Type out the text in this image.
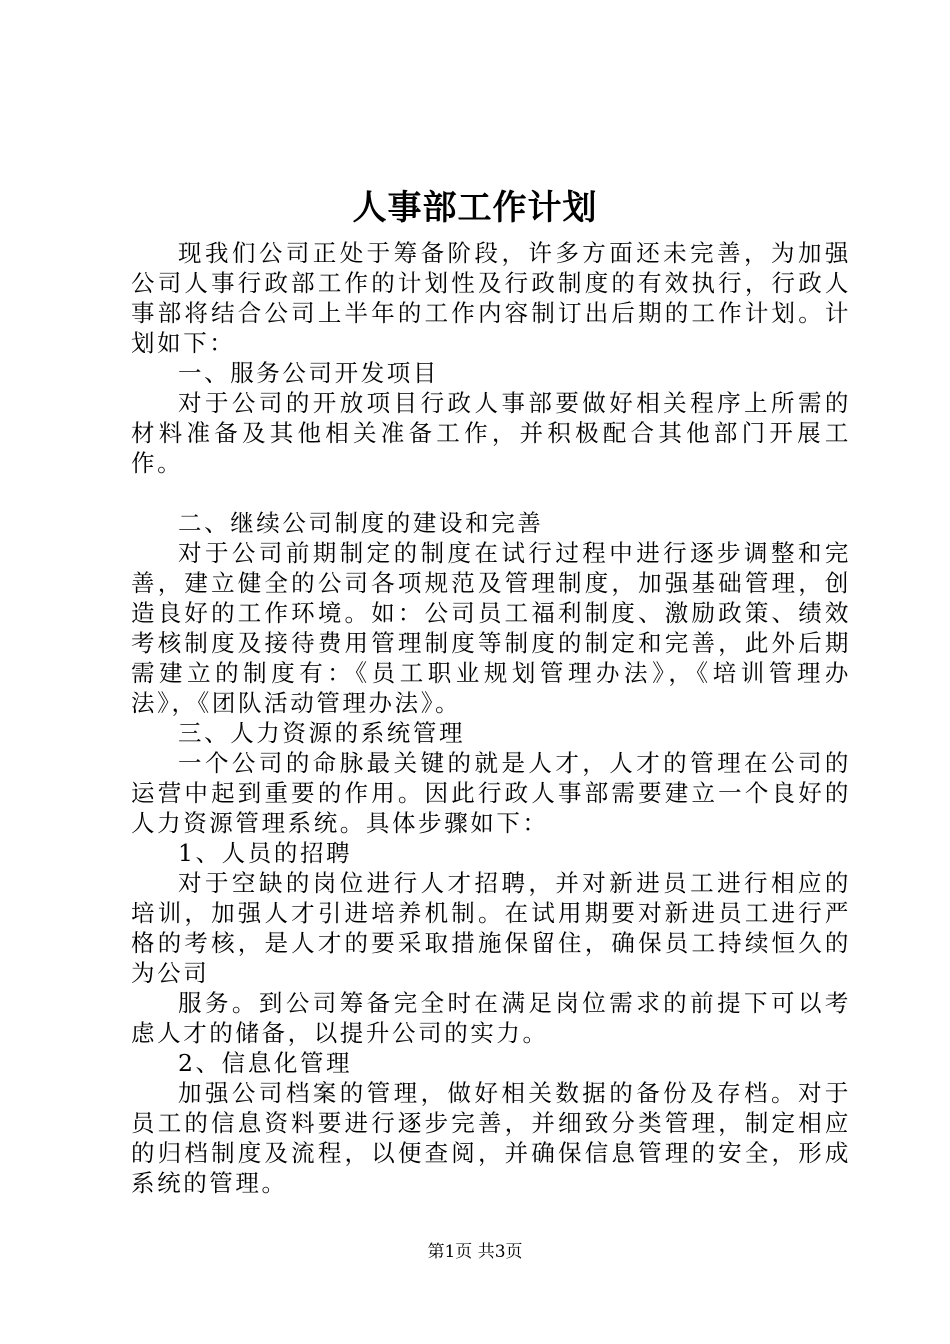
人事部工作计划

现我们公司正处于筹备阶段，许多方面还未完善，为加强公司人事行政部工作的计划性及行政制度的有效执行，行政人事部将结合公司上半年的工作内容制订出后期的工作计划。计划如下：

一、服务公司开发项目

对于公司的开放项目行政人事部要做好相关程序上所需的材料准备及其他相关准备工作，并积极配合其他部门开展工作。

二、继续公司制度的建设和完善

对于公司前期制定的制度在试行过程中进行逐步调整和完善，建立健全的公司各项规范及管理制度，加强基础管理，创造良好的工作环境。如：公司员工福利制度、激励政策、绩效考核制度及接待费用管理制度等制度的制定和完善，此外后期需建立的制度有：《员工职业规划管理办法》，《培训管理办法》，《团队活动管理办法》。

三、人力资源的系统管理

一个公司的命脉最关键的就是人才，人才的管理在公司的运营中起到重要的作用。因此行政人事部需要建立一个良好的人力资源管理系统。具体步骤如下：

1、人员的招聘

对于空缺的岗位进行人才招聘，并对新进员工进行相应的培训，加强人才引进培养机制。在试用期要对新进员工进行严格的考核，是人才的要采取措施保留住，确保员工持续恒久的为公司

服务。到公司筹备完全时在满足岗位需求的前提下可以考虑人才的储备，以提升公司的实力。

2、信息化管理

加强公司档案的管理，做好相关数据的备份及存档。对于员工的信息资料要进行逐步完善，并细致分类管理，制定相应的归档制度及流程，以便查阅，并确保信息管理的安全，形成系统的管理。

第1页 共3页
